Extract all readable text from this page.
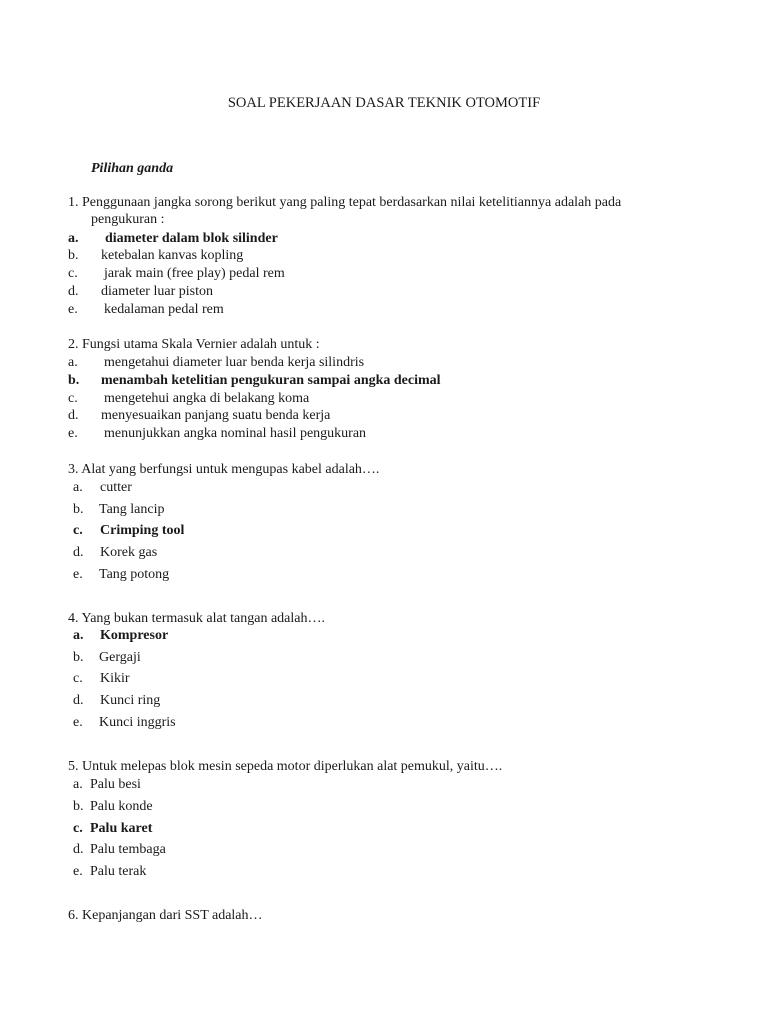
SOAL PEKERJAAN DASAR TEKNIK OTOMOTIF
Pilihan ganda
1. Penggunaan jangka sorong berikut yang paling tepat berdasarkan nilai ketelitiannya adalah pada
pengukuran :
a. diameter dalam blok silinder
b. ketebalan kanvas kopling
c. jarak main (free play) pedal rem
d. diameter luar piston
e. kedalaman pedal rem
2. Fungsi utama Skala Vernier adalah untuk :
a. mengetahui diameter luar benda kerja silindris
b. menambah ketelitian pengukuran sampai angka decimal
c. mengetehui angka di belakang koma
d. menyesuaikan panjang suatu benda kerja
e. menunjukkan angka nominal hasil pengukuran
3. Alat yang berfungsi untuk mengupas kabel adalah….
a. cutter
b. Tang lancip
c. Crimping tool
d. Korek gas
e. Tang potong
4. Yang bukan termasuk alat tangan adalah….
a. Kompresor
b. Gergaji
c. Kikir
d. Kunci ring
e. Kunci inggris
5. Untuk melepas blok mesin sepeda motor diperlukan alat pemukul, yaitu….
a. Palu besi
b. Palu konde
c. Palu karet
d. Palu tembaga
e. Palu terak
6. Kepanjangan dari SST adalah…
